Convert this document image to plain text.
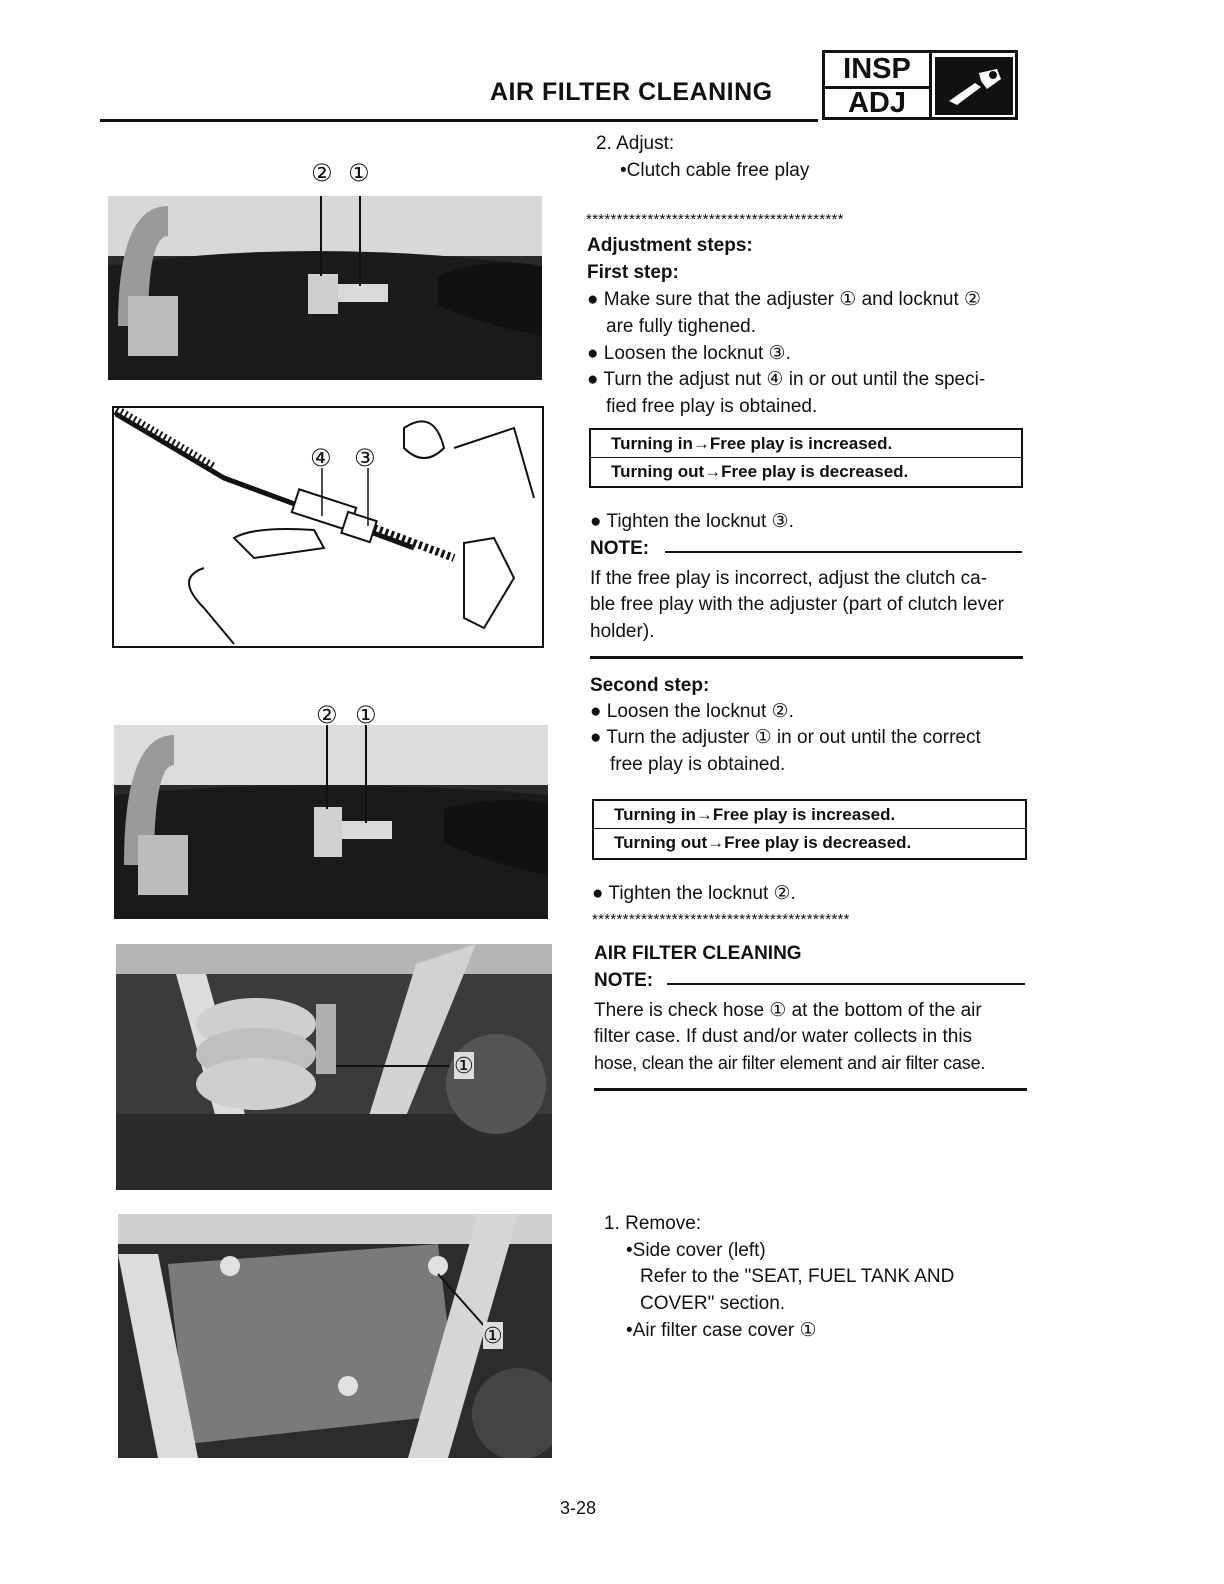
AIR FILTER CLEANING
INSP
ADJ
② ①
④ ③
② ①
①
①
2. Adjust:
•Clutch cable free play
******************************************
Adjustment steps:
First step:
● Make sure that the adjuster ① and locknut ②
are fully tighened.
● Loosen the locknut ③.
● Turn the adjust nut ④ in or out until the speci-
fied free play is obtained.
Turning in→Free play is increased.
Turning out→Free play is decreased.
● Tighten the locknut ③.
NOTE:
If the free play is incorrect, adjust the clutch ca-
ble free play with the adjuster (part of clutch lever
holder).
Second step:
● Loosen the locknut ②.
● Turn the adjuster ① in or out until the correct
free play is obtained.
Turning in→Free play is increased.
Turning out→Free play is decreased.
● Tighten the locknut ②.
******************************************
AIR FILTER CLEANING
NOTE:
There is check hose ① at the bottom of the air
filter case. If dust and/or water collects in this
hose, clean the air filter element and air filter case.
1. Remove:
•Side cover (left)
Refer to the "SEAT, FUEL TANK AND
COVER" section.
•Air filter case cover ①
3-28
